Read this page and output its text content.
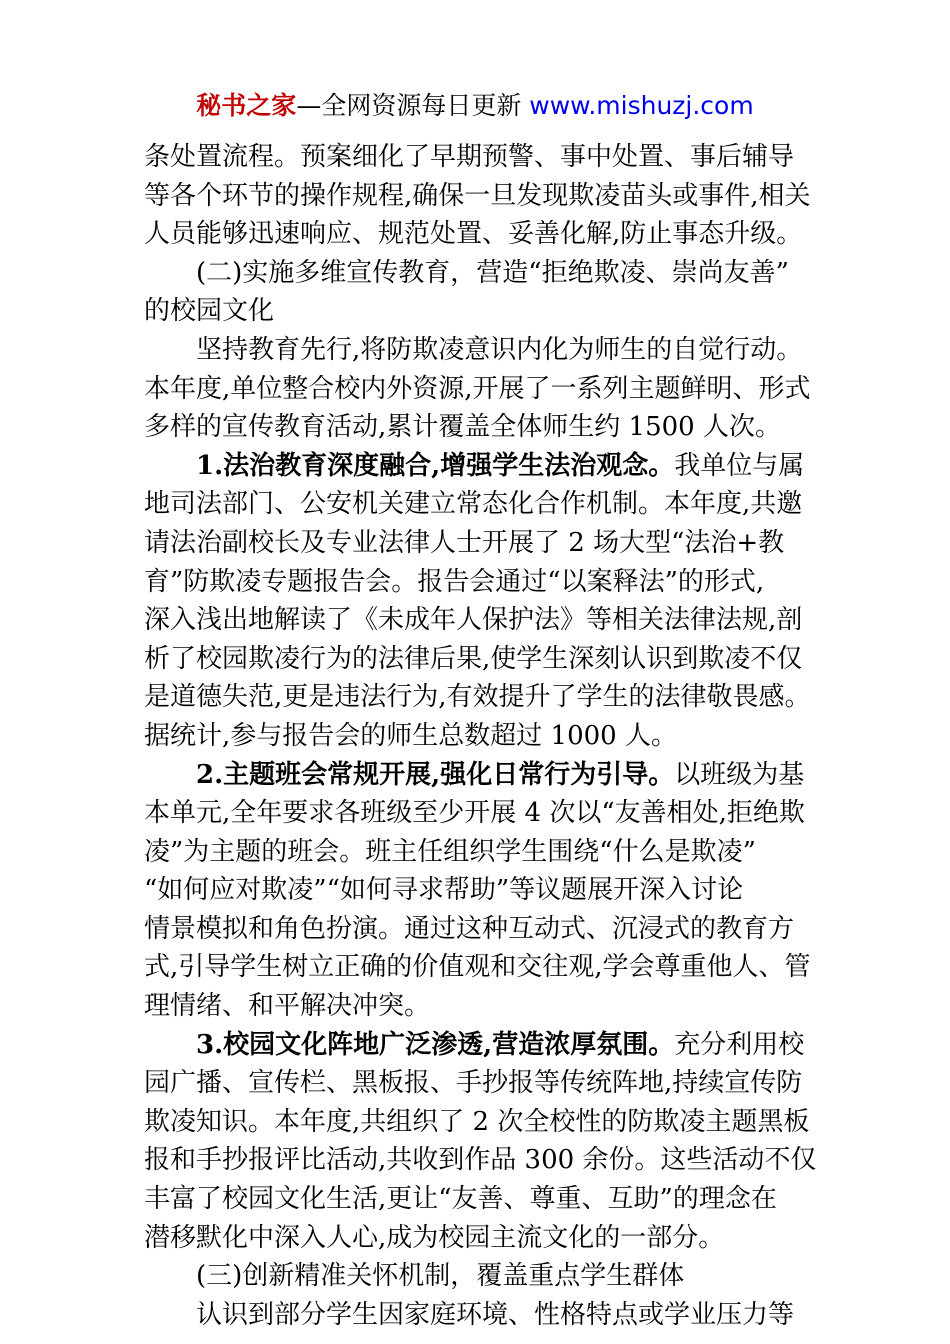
秘书之家—全网资源每日更新 www.mishuzj.com
条处置流程。预案细化了早期预警、事中处置、事后辅导
等各个环节的操作规程,确保一旦发现欺凌苗头或事件,相关
人员能够迅速响应、规范处置、妥善化解,防止事态升级。
(二)实施多维宣传教育，营造“拒绝欺凌、崇尚友善”
的校园文化
坚持教育先行,将防欺凌意识内化为师生的自觉行动。
本年度,单位整合校内外资源,开展了一系列主题鲜明、形式
多样的宣传教育活动,累计覆盖全体师生约 1500 人次。
1.法治教育深度融合,增强学生法治观念。我单位与属
地司法部门、公安机关建立常态化合作机制。本年度,共邀
请法治副校长及专业法律人士开展了 2 场大型“法治+教
育”防欺凌专题报告会。报告会通过“以案释法”的形式,
深入浅出地解读了《未成年人保护法》等相关法律法规,剖
析了校园欺凌行为的法律后果,使学生深刻认识到欺凌不仅
是道德失范,更是违法行为,有效提升了学生的法律敬畏感。
据统计,参与报告会的师生总数超过 1000 人。
2.主题班会常规开展,强化日常行为引导。以班级为基
本单元,全年要求各班级至少开展 4 次以“友善相处,拒绝欺
凌”为主题的班会。班主任组织学生围绕“什么是欺凌”
“如何应对欺凌”“如何寻求帮助”等议题展开深入讨论
情景模拟和角色扮演。通过这种互动式、沉浸式的教育方
式,引导学生树立正确的价值观和交往观,学会尊重他人、管
理情绪、和平解决冲突。
3.校园文化阵地广泛渗透,营造浓厚氛围。充分利用校
园广播、宣传栏、黑板报、手抄报等传统阵地,持续宣传防
欺凌知识。本年度,共组织了 2 次全校性的防欺凌主题黑板
报和手抄报评比活动,共收到作品 300 余份。这些活动不仅
丰富了校园文化生活,更让“友善、尊重、互助”的理念在
潜移默化中深入人心,成为校园主流文化的一部分。
(三)创新精准关怀机制，覆盖重点学生群体
认识到部分学生因家庭环境、性格特点或学业压力等
